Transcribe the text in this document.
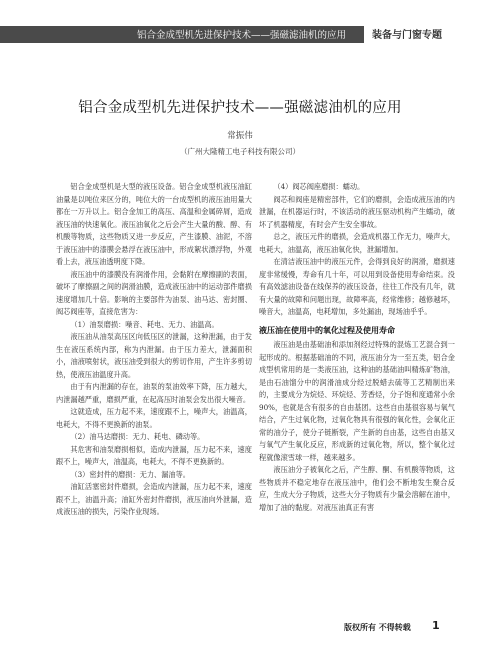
铝合金成型机先进保护技术——强磁滤油机的应用	装备与门窗专题
铝合金成型机先进保护技术——强磁滤油机的应用
常振伟
（广州大隆精工电子科技有限公司）

铝合金成型机是大型的液压设备。铝合金成型机液压油缸油量是以吨位来区分的，吨位大的一台成型机的液压油用量大都在一万升以上。铝合金加工的高压、高温和金属碎屑，造成液压油的快速氧化。液压油氧化之后会产生大量的酸、醇、有机酸等物质，这些物质又进一步反应，产生漆膜、油泥，不溶于液压油中的漆膜会悬浮在液压油中，形成絮状漂浮物，外观看上去，液压油透明度下降。

液压油中的漆膜没有润滑作用，会黏附在摩擦副的表面，破坏了摩擦副之间的润滑油膜，造成液压油中的运动部件磨损速度增加几十倍。影响的主要部件为油泵、油马达、密封圈、阀芯阀座等，直接危害为：

（1）油泵磨损：噪音、耗电、无力、油温高。

液压油从油泵高压区向低压区的泄漏，这种泄漏，由于发生在液压系统内部，称为内泄漏。由于压力差大，泄漏面积小，油液喷射状，液压油受到很大的剪切作用，产生许多剪切热，使液压油温度升高。

由于有内泄漏的存在，油泵的泵油效率下降，压力越大，内泄漏越严重，磨损严重，在起高压时油泵会发出很大噪音。

这就造成，压力起不来，速度跟不上，噪声大，油温高，电耗大，不得不更换新的油泵。

（2）油马达磨损：无力、耗电、磷动等。

其危害和油泵磨损相似，造成内泄漏，压力起不来，速度跟不上，噪声大，油温高，电耗大，不得不更换新的。

（3）密封件的磨损：无力、漏油等。

油缸活塞密封件磨损，会造成内泄漏，压力起不来，速度跟不上，油温升高；油缸外密封件磨损，液压油向外泄漏，造成液压油的损失，污染作业现场。

（4）阀芯阀座磨损：蠕动。

阀芯和阀座是精密部件，它们的磨损，会造成液压油的内泄漏，在机器运行时，不该活动的液压驱动机构产生蠕动，破坏了机器精度，有时会产生安全事故。

总之，液压元件的磨损，会造成机器工作无力，噪声大，电耗大，油温高，液压油氧化快，泄漏增加。

在清洁液压油中的液压元件，会得到良好的润滑，磨损速度非常缓慢，寿命有几十年，可以用到设备使用寿命结束。没有高效滤油设备在线保养的液压设备，往往工作没有几年，就有大量的故障和问题出现，故障率高，经常维修；越修越坏，噪音大，油温高，电耗增加，多处漏油，现场油乎乎。

液压油在使用中的氧化过程及使用寿命

液压油是由基础油和添加剂经过特殊的混炼工艺混合到一起形成的。根据基础油的不同，液压油分为一至五类，铝合金成型机常用的是一类液压油，这种油的基础油叫精炼矿物油，是由石油馏分中的润滑油成分经过脱蜡去硫等工艺精制出来的，主要成分为烷烃、环烷烃、芳香烃，分子饱和度通常小余90%，也就是含有很多的自由基团。这些自由基很容易与氧气结合，产生过氧化物，过氧化物具有很强的氧化性，会氧化正常的油分子，使分子链断裂，产生新的自由基，这些自由基又与氧气产生氧化反应，形成新的过氧化物，所以，整个氧化过程就像滚雪球一样，越来越多。

液压油分子被氧化之后，产生醇、酮、有机酸等物质，这些物质并不稳定地存在液压油中，他们会不断地发生聚合反应，生成大分子物质，这些大分子物质有少量会溶解在油中，增加了油的黏度。对液压油真正有害

版权所有 不得转载 1
